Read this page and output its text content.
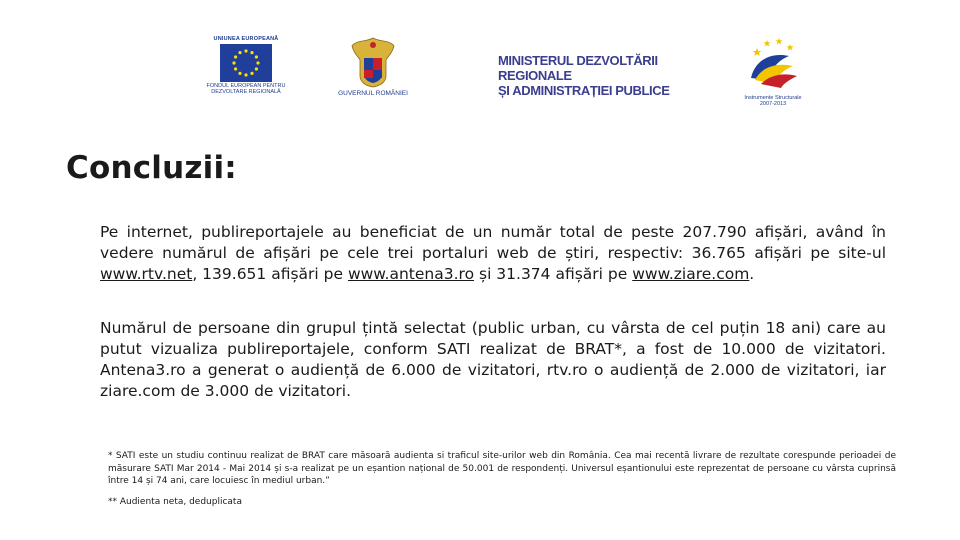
UNIUNEA EUROPEANĂ
FONDUL EUROPEAN PENTRU DEZVOLTARE REGIONALĂ	GUVERNUL ROMÂNIEI
MINISTERUL DEZVOLTĂRII REGIONALE
ȘI ADMINISTRAȚIEI PUBLICE	Instrumente Structurale
2007-2013
Concluzii:

Pe internet, publireportajele au beneficiat de un număr total de peste 207.790 afișări, având în vedere numărul de afișări pe cele trei portaluri web de știri, respectiv: 36.765 afișări pe site-ul www.rtv.net, 139.651 afișări pe www.antena3.ro și 31.374 afișări pe www.ziare.com.

Numărul de persoane din grupul țintă selectat (public urban, cu vârsta de cel puțin 18 ani) care au putut vizualiza publireportajele, conform SATI realizat de BRAT*, a fost de 10.000 de vizitatori. Antena3.ro a generat o audiență de 6.000 de vizitatori, rtv.ro o audiență de 2.000 de vizitatori, iar ziare.com de 3.000 de vizitatori.

* SATI este un studiu continuu realizat de BRAT care măsoară audienta si traficul site-urilor web din România. Cea mai recentă livrare de rezultate corespunde perioadei de măsurare SATI Mar 2014 - Mai 2014 și s-a realizat pe un eșantion național de 50.001 de respondenți. Universul eșantionului este reprezentat de persoane cu vârsta cuprinsă între 14 și 74 ani, care locuiesc în mediul urban.”

** Audienta neta, deduplicata
